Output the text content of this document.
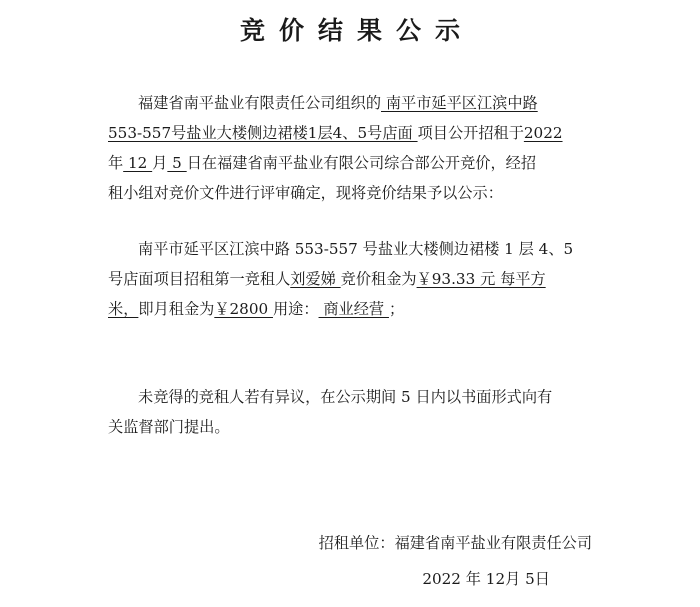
竞价结果公示
福建省南平盐业有限责任公司组织的 南平市延平区江滨中路
553-557号盐业大楼侧边裙楼1层4、5号店面 项目公开招租于2022
年 12 月 5 日在福建省南平盐业有限公司综合部公开竞价，经招
租小组对竞价文件进行评审确定，现将竞价结果予以公示：
南平市延平区江滨中路 553-557 号盐业大楼侧边裙楼 1 层 4、5
号店面项目招租第一竞租人刘爱娣 竞价租金为￥93.33 元 每平方
米，即月租金为￥2800 用途： 商业经营 ；
未竞得的竞租人若有异议，在公示期间 5 日内以书面形式向有
关监督部门提出。
招租单位：福建省南平盐业有限责任公司
2022 年 12月 5日
